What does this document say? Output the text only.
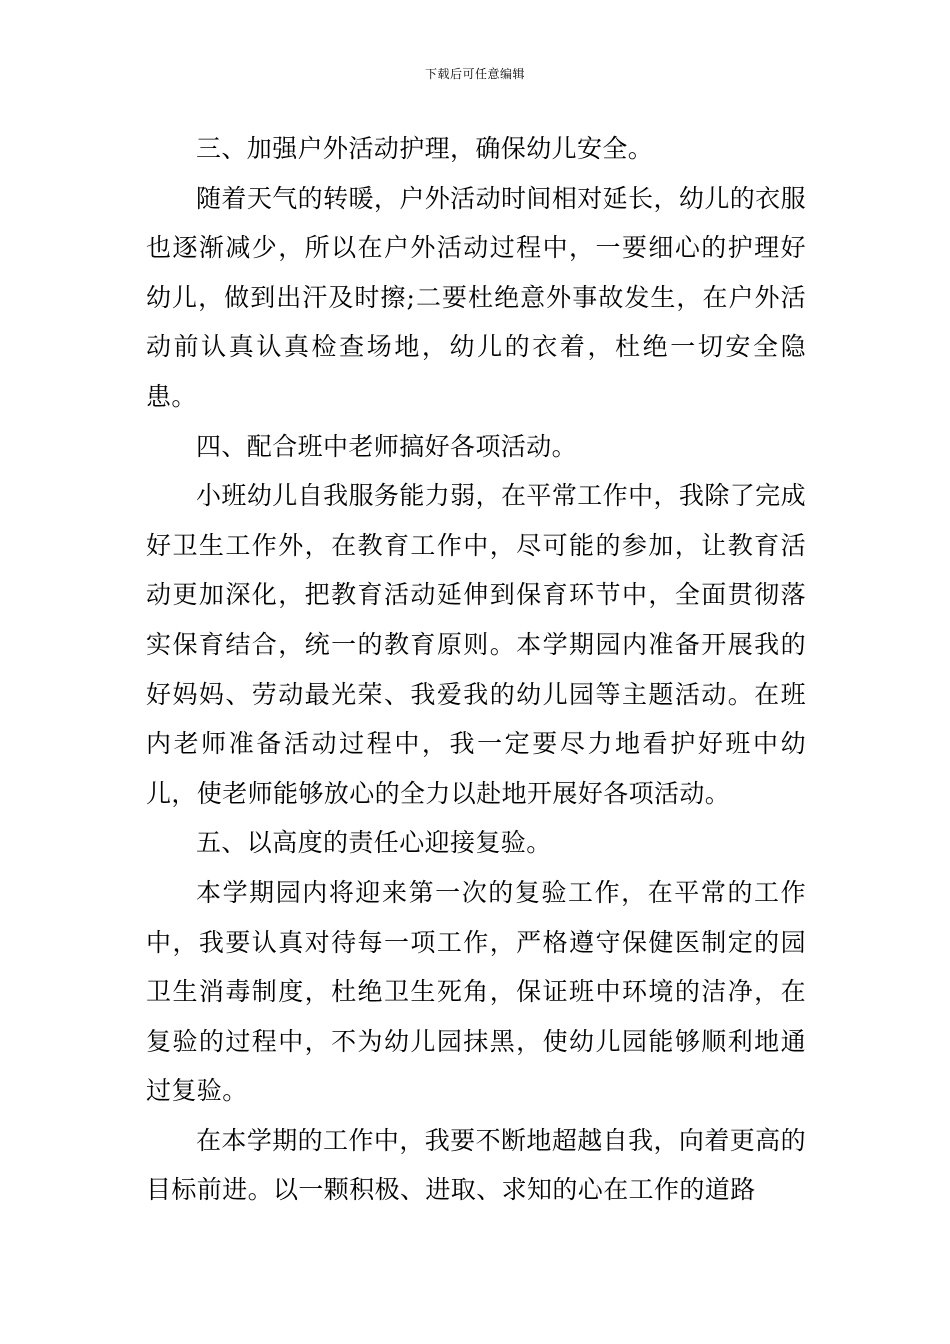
下载后可任意编辑

三、加强户外活动护理，确保幼儿安全。

随着天气的转暖，户外活动时间相对延长，幼儿的衣服也逐渐减少，所以在户外活动过程中，一要细心的护理好幼儿，做到出汗及时擦;二要杜绝意外事故发生，在户外活动前认真认真检查场地，幼儿的衣着，杜绝一切安全隐患。

四、配合班中老师搞好各项活动。

小班幼儿自我服务能力弱，在平常工作中，我除了完成好卫生工作外，在教育工作中，尽可能的参加，让教育活动更加深化，把教育活动延伸到保育环节中，全面贯彻落实保育结合，统一的教育原则。本学期园内准备开展我的好妈妈、劳动最光荣、我爱我的幼儿园等主题活动。在班内老师准备活动过程中，我一定要尽力地看护好班中幼儿，使老师能够放心的全力以赴地开展好各项活动。

五、以高度的责任心迎接复验。

本学期园内将迎来第一次的复验工作，在平常的工作中，我要认真对待每一项工作，严格遵守保健医制定的园卫生消毒制度，杜绝卫生死角，保证班中环境的洁净，在复验的过程中，不为幼儿园抹黑，使幼儿园能够顺利地通过复验。

在本学期的工作中，我要不断地超越自我，向着更高的目标前进。以一颗积极、进取、求知的心在工作的道路
